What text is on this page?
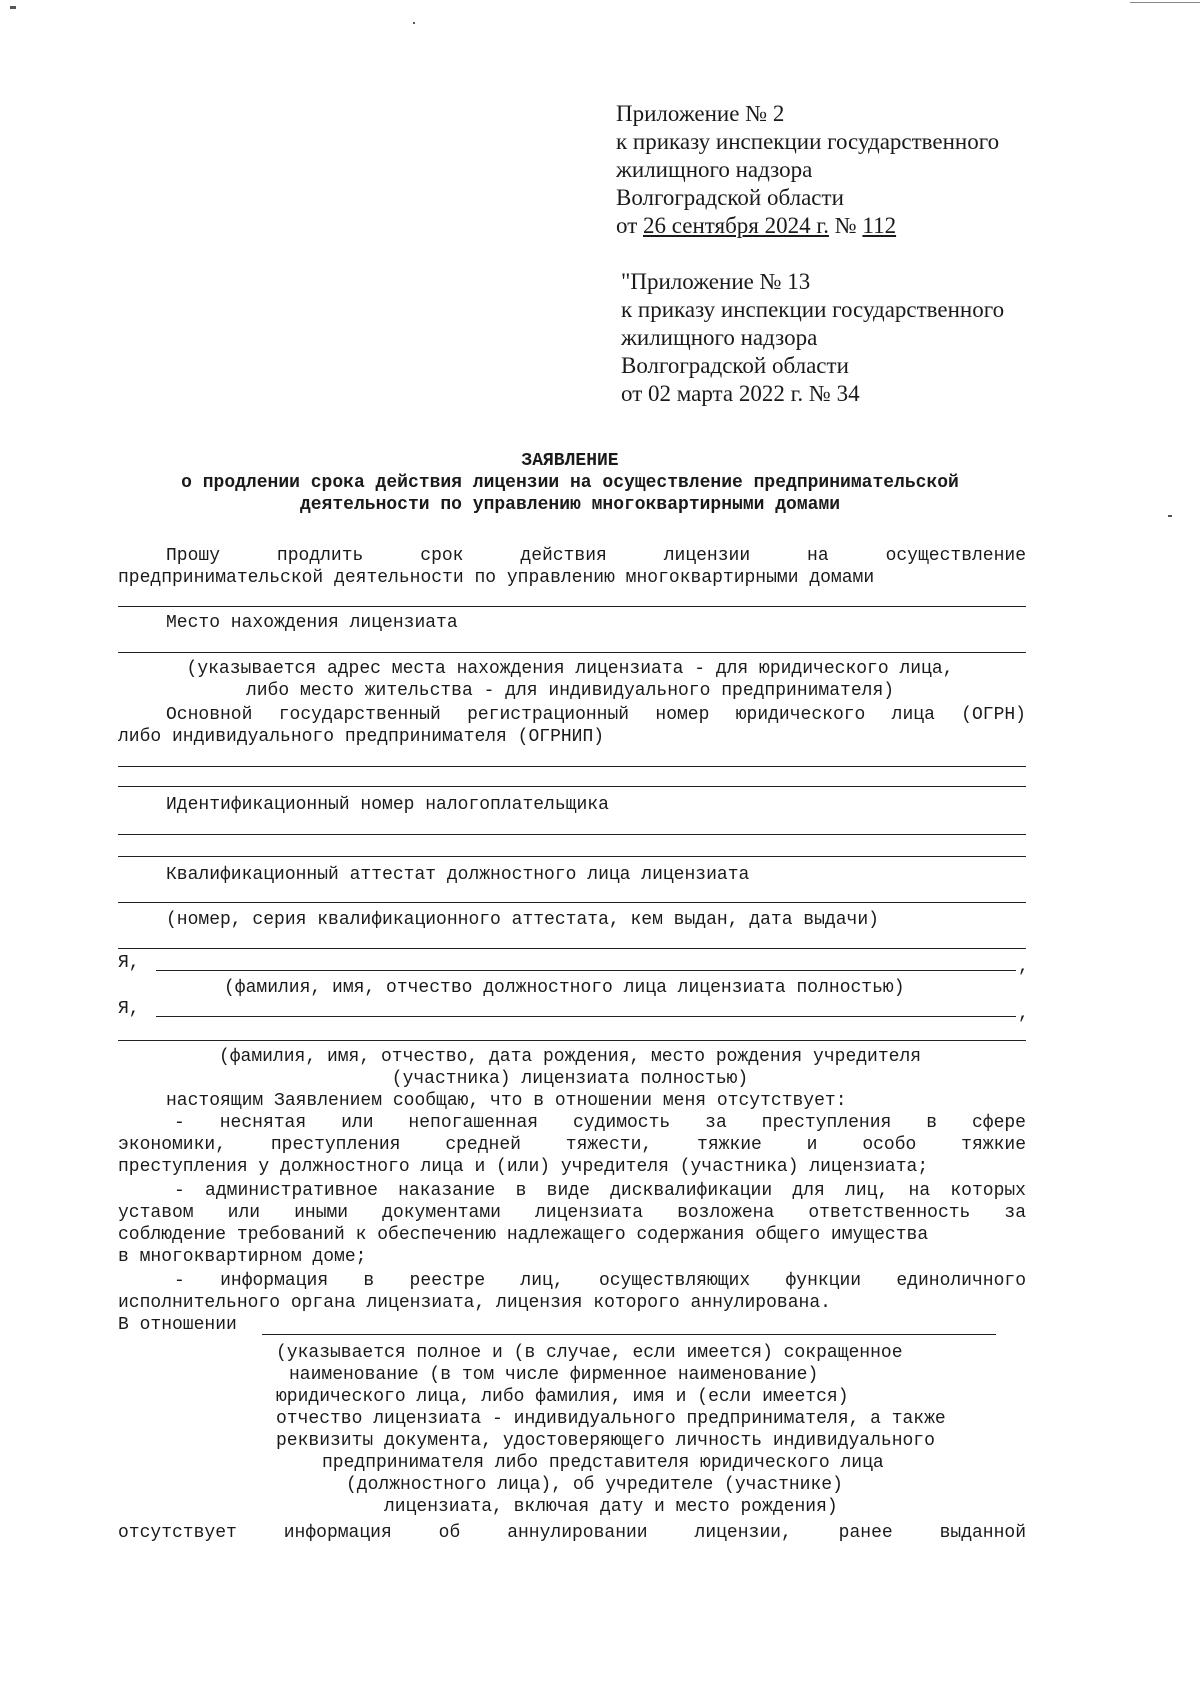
Приложение № 2
к приказу инспекции государственного
жилищного надзора
Волгоградской области
от 26 сентября 2024 г. № 112
"Приложение № 13
к приказу инспекции государственного
жилищного надзора
Волгоградской области
от 02 марта 2022 г. № 34
ЗАЯВЛЕНИЕ
о продлении срока действия лицензии на осуществление предпринимательской
деятельности по управлению многоквартирными домами
Прошу продлить срок действия лицензии на осуществление
предпринимательской деятельности по управлению многоквартирными домами
Место нахождения лицензиата
(указывается адрес места нахождения лицензиата - для юридического лица,
либо место жительства - для индивидуального предпринимателя)
Основной государственный регистрационный номер юридического лица (ОГРН)
либо индивидуального предпринимателя (ОГРНИП)
Идентификационный номер налогоплательщика
Квалификационный аттестат должностного лица лицензиата
(номер, серия квалификационного аттестата, кем выдан, дата выдачи)
Я,	,
(фамилия, имя, отчество должностного лица лицензиата полностью)
Я,	,
(фамилия, имя, отчество, дата рождения, место рождения учредителя
(участника) лицензиата полностью)
настоящим Заявлением сообщаю, что в отношении меня отсутствует:
- неснятая или непогашенная судимость за преступления в сфере
экономики, преступления средней тяжести, тяжкие и особо тяжкие
преступления у должностного лица и (или) учредителя (участника) лицензиата;
- административное наказание в виде дисквалификации для лиц, на которых
уставом или иными документами лицензиата возложена ответственность за
соблюдение требований к обеспечению надлежащего содержания общего имущества
в многоквартирном доме;
- информация в реестре лиц, осуществляющих функции единоличного
исполнительного органа лицензиата, лицензия которого аннулирована.
В отношении
(указывается полное и (в случае, если имеется) сокращенное
наименование (в том числе фирменное наименование)
юридического лица, либо фамилия, имя и (если имеется)
отчество лицензиата - индивидуального предпринимателя, а также
реквизиты документа, удостоверяющего личность индивидуального
предпринимателя либо представителя юридического лица
(должностного лица), об учредителе (участнике)
лицензиата, включая дату и место рождения)
отсутствует информация об аннулировании лицензии, ранее выданной
